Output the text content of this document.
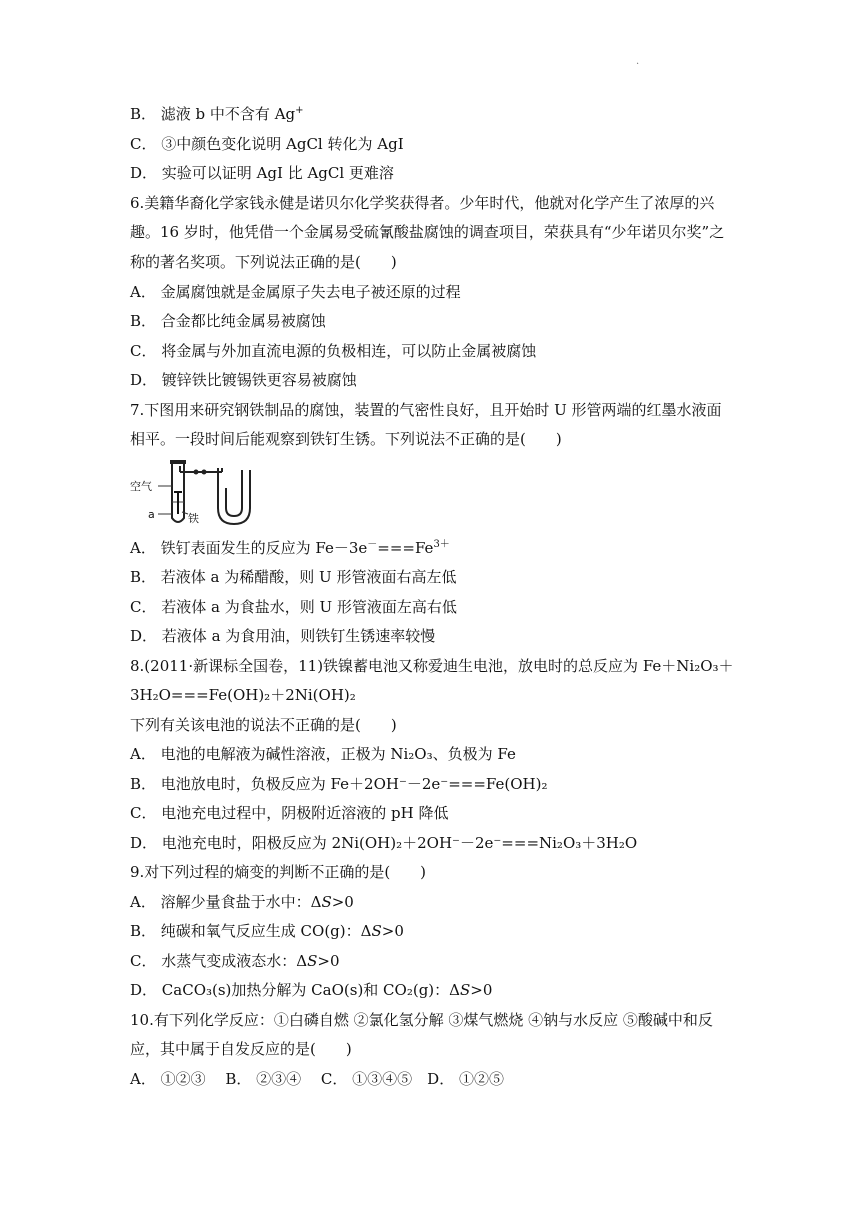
.
B． 滤液 b 中不含有 Ag+
C． ③中颜色变化说明 AgCl 转化为 AgI
D． 实验可以证明 AgI 比 AgCl 更难溶
6.美籍华裔化学家钱永健是诺贝尔化学奖获得者。少年时代，他就对化学产生了浓厚的兴
趣。16 岁时，他凭借一个金属易受硫氰酸盐腐蚀的调查项目，荣获具有“少年诺贝尔奖”之
称的著名奖项。下列说法正确的是(　　)
A． 金属腐蚀就是金属原子失去电子被还原的过程
B． 合金都比纯金属易被腐蚀
C． 将金属与外加直流电源的负极相连，可以防止金属被腐蚀
D． 镀锌铁比镀锡铁更容易被腐蚀
7.下图用来研究钢铁制品的腐蚀，装置的气密性良好，且开始时 U 形管两端的红墨水液面
相平。一段时间后能观察到铁钉生锈。下列说法不正确的是(　　)
空气
a	铁
A． 铁钉表面发生的反应为 $Fe-3e^-===Fe^{3+}$
B． 若液体 a 为稀醋酸，则 U 形管液面右高左低
C． 若液体 a 为食盐水，则 U 形管液面左高右低
D． 若液体 a 为食用油，则铁钉生锈速率较慢
8.(2011·新课标全国卷，11)铁镍蓄电池又称爱迪生电池，放电时的总反应为 Fe＋Ni₂O₃＋
3H₂O===Fe(OH)₂＋2Ni(OH)₂
下列有关该电池的说法不正确的是(　　)
A． 电池的电解液为碱性溶液，正极为 Ni₂O₃、负极为 Fe
B． 电池放电时，负极反应为 Fe＋2OH⁻－2e⁻===Fe(OH)₂
C． 电池充电过程中，阴极附近溶液的 pH 降低
D． 电池充电时，阳极反应为 2Ni(OH)₂＋2OH⁻－2e⁻===Ni₂O₃＋3H₂O
9.对下列过程的熵变的判断不正确的是(　　)
A． 溶解少量食盐于水中：ΔS>0
B． 纯碳和氧气反应生成 CO(g)：ΔS>0
C． 水蒸气变成液态水：ΔS>0
D． CaCO₃(s)加热分解为 CaO(s)和 CO₂(g)：ΔS>0
10.有下列化学反应：①白磷自燃 ②氯化氢分解 ③煤气燃烧 ④钠与水反应 ⑤酸碱中和反
应，其中属于自发反应的是(　　)
A． ①②③　 B． ②③④　 C． ①③④⑤　D． ①②⑤
